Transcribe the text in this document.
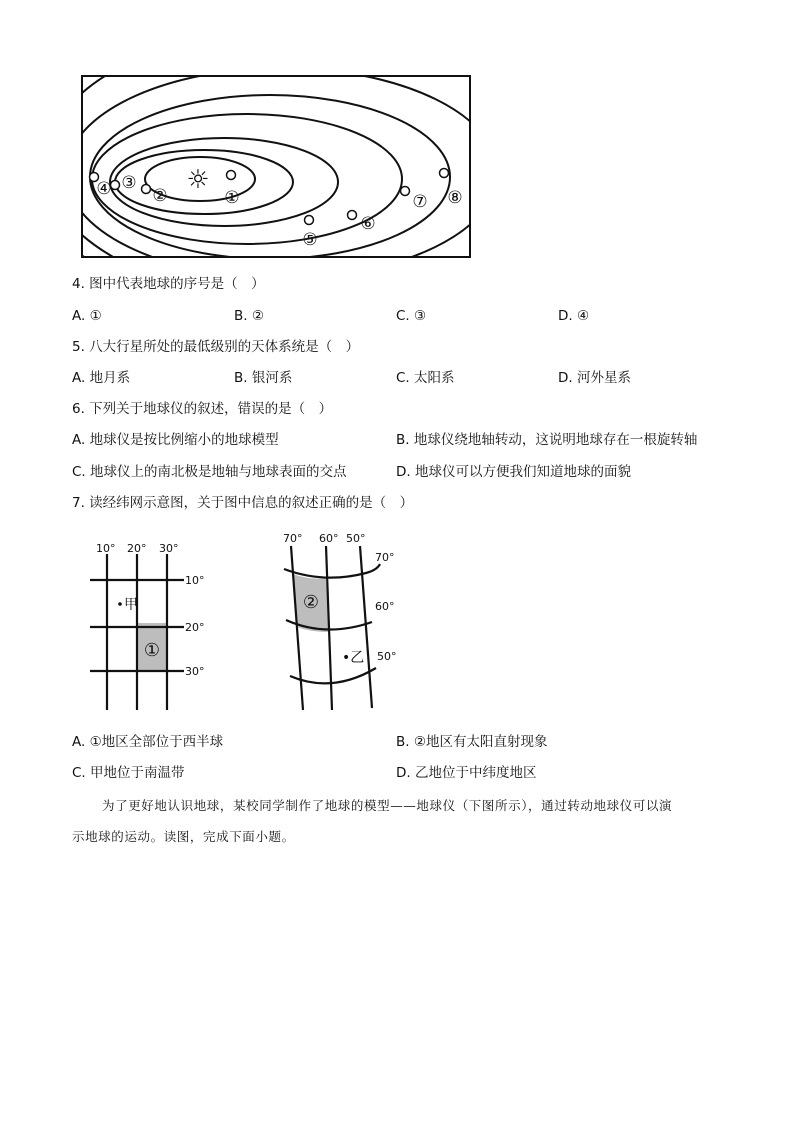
☼
①
②
③
④
⑤
⑥
⑦ ⑧
4. 图中代表地球的序号是（　）
A. ①	B. ②	C. ③	D. ④
5. 八大行星所处的最低级别的天体系统是（　）
A. 地月系	B. 银河系	C. 太阳系	D. 河外星系
6. 下列关于地球仪的叙述，错误的是（　）
A. 地球仪是按比例缩小的地球模型	B. 地球仪绕地轴转动，这说明地球存在一根旋转轴
C. 地球仪上的南北极是地轴与地球表面的交点	D. 地球仪可以方便我们知道地球的面貌
7. 读经纬网示意图，关于图中信息的叙述正确的是（　）
10° 20° 30°
10°
20°
30°
甲
①
70° 60° 50°
70°
60°
50°
②
•乙
A. ①地区全部位于西半球	B. ②地区有太阳直射现象
C. 甲地位于南温带	D. 乙地位于中纬度地区
为了更好地认识地球，某校同学制作了地球的模型——地球仪（下图所示），通过转动地球仪可以演
示地球的运动。读图，完成下面小题。
